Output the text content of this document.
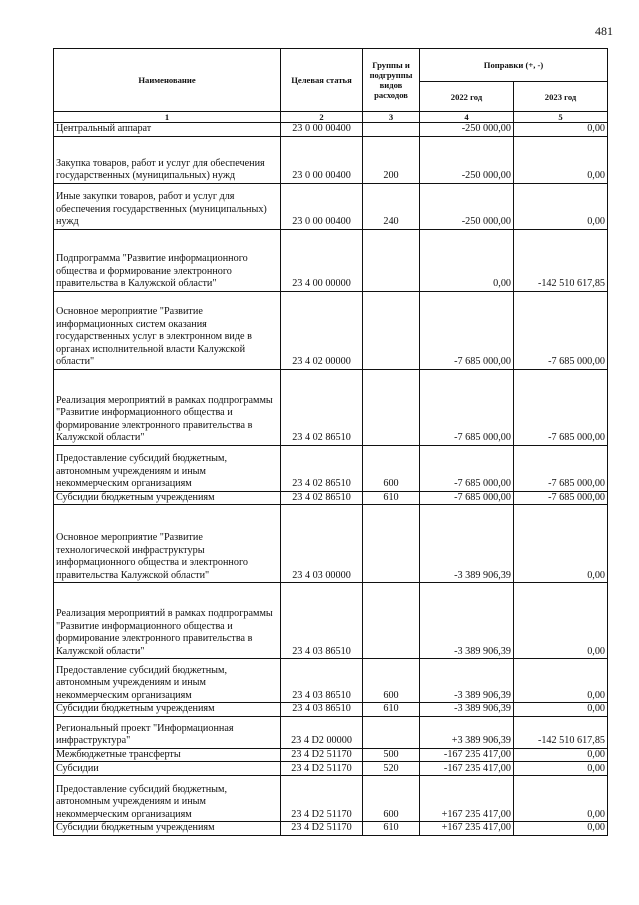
481
Наименование	Целевая статья	Группы и подгруппы видов расходов	Поправки (+, -)	
			2022 год	2023 год
1	2	3	4	5
Центральный аппарат	23 0 00 00400		-250 000,00	0,00
Закупка товаров, работ и услуг для обеспечения государственных (муниципальных) нужд	23 0 00 00400	200	-250 000,00	0,00
Иные закупки товаров, работ и услуг для обеспечения государственных (муниципальных) нужд	23 0 00 00400	240	-250 000,00	0,00
Подпрограмма "Развитие информационного общества и формирование электронного правительства в Калужской области"	23 4 00 00000		0,00	-142 510 617,85
Основное мероприятие "Развитие информационных систем оказания государственных услуг в электронном виде в органах исполнительной власти Калужской области"	23 4 02 00000		-7 685 000,00	-7 685 000,00
Реализация мероприятий в рамках подпрограммы "Развитие информационного общества и формирование электронного правительства в Калужской области"	23 4 02 86510		-7 685 000,00	-7 685 000,00
Предоставление субсидий бюджетным, автономным учреждениям и иным некоммерческим организациям	23 4 02 86510	600	-7 685 000,00	-7 685 000,00
Субсидии бюджетным учреждениям	23 4 02 86510	610	-7 685 000,00	-7 685 000,00
Основное мероприятие "Развитие технологической инфраструктуры информационного общества и электронного правительства Калужской области"	23 4 03 00000		-3 389 906,39	0,00
Реализация мероприятий в рамках подпрограммы "Развитие информационного общества и формирование электронного правительства в Калужской области"	23 4 03 86510		-3 389 906,39	0,00
Предоставление субсидий бюджетным, автономным учреждениям и иным некоммерческим организациям	23 4 03 86510	600	-3 389 906,39	0,00
Субсидии бюджетным учреждениям	23 4 03 86510	610	-3 389 906,39	0,00
Региональный проект "Информационная инфраструктура"	23 4 D2 00000		+3 389 906,39	-142 510 617,85
Межбюджетные трансферты	23 4 D2 51170	500	-167 235 417,00	0,00
Субсидии	23 4 D2 51170	520	-167 235 417,00	0,00
Предоставление субсидий бюджетным, автономным учреждениям и иным некоммерческим организациям	23 4 D2 51170	600	+167 235 417,00	0,00
Субсидии бюджетным учреждениям	23 4 D2 51170	610	+167 235 417,00	0,00
